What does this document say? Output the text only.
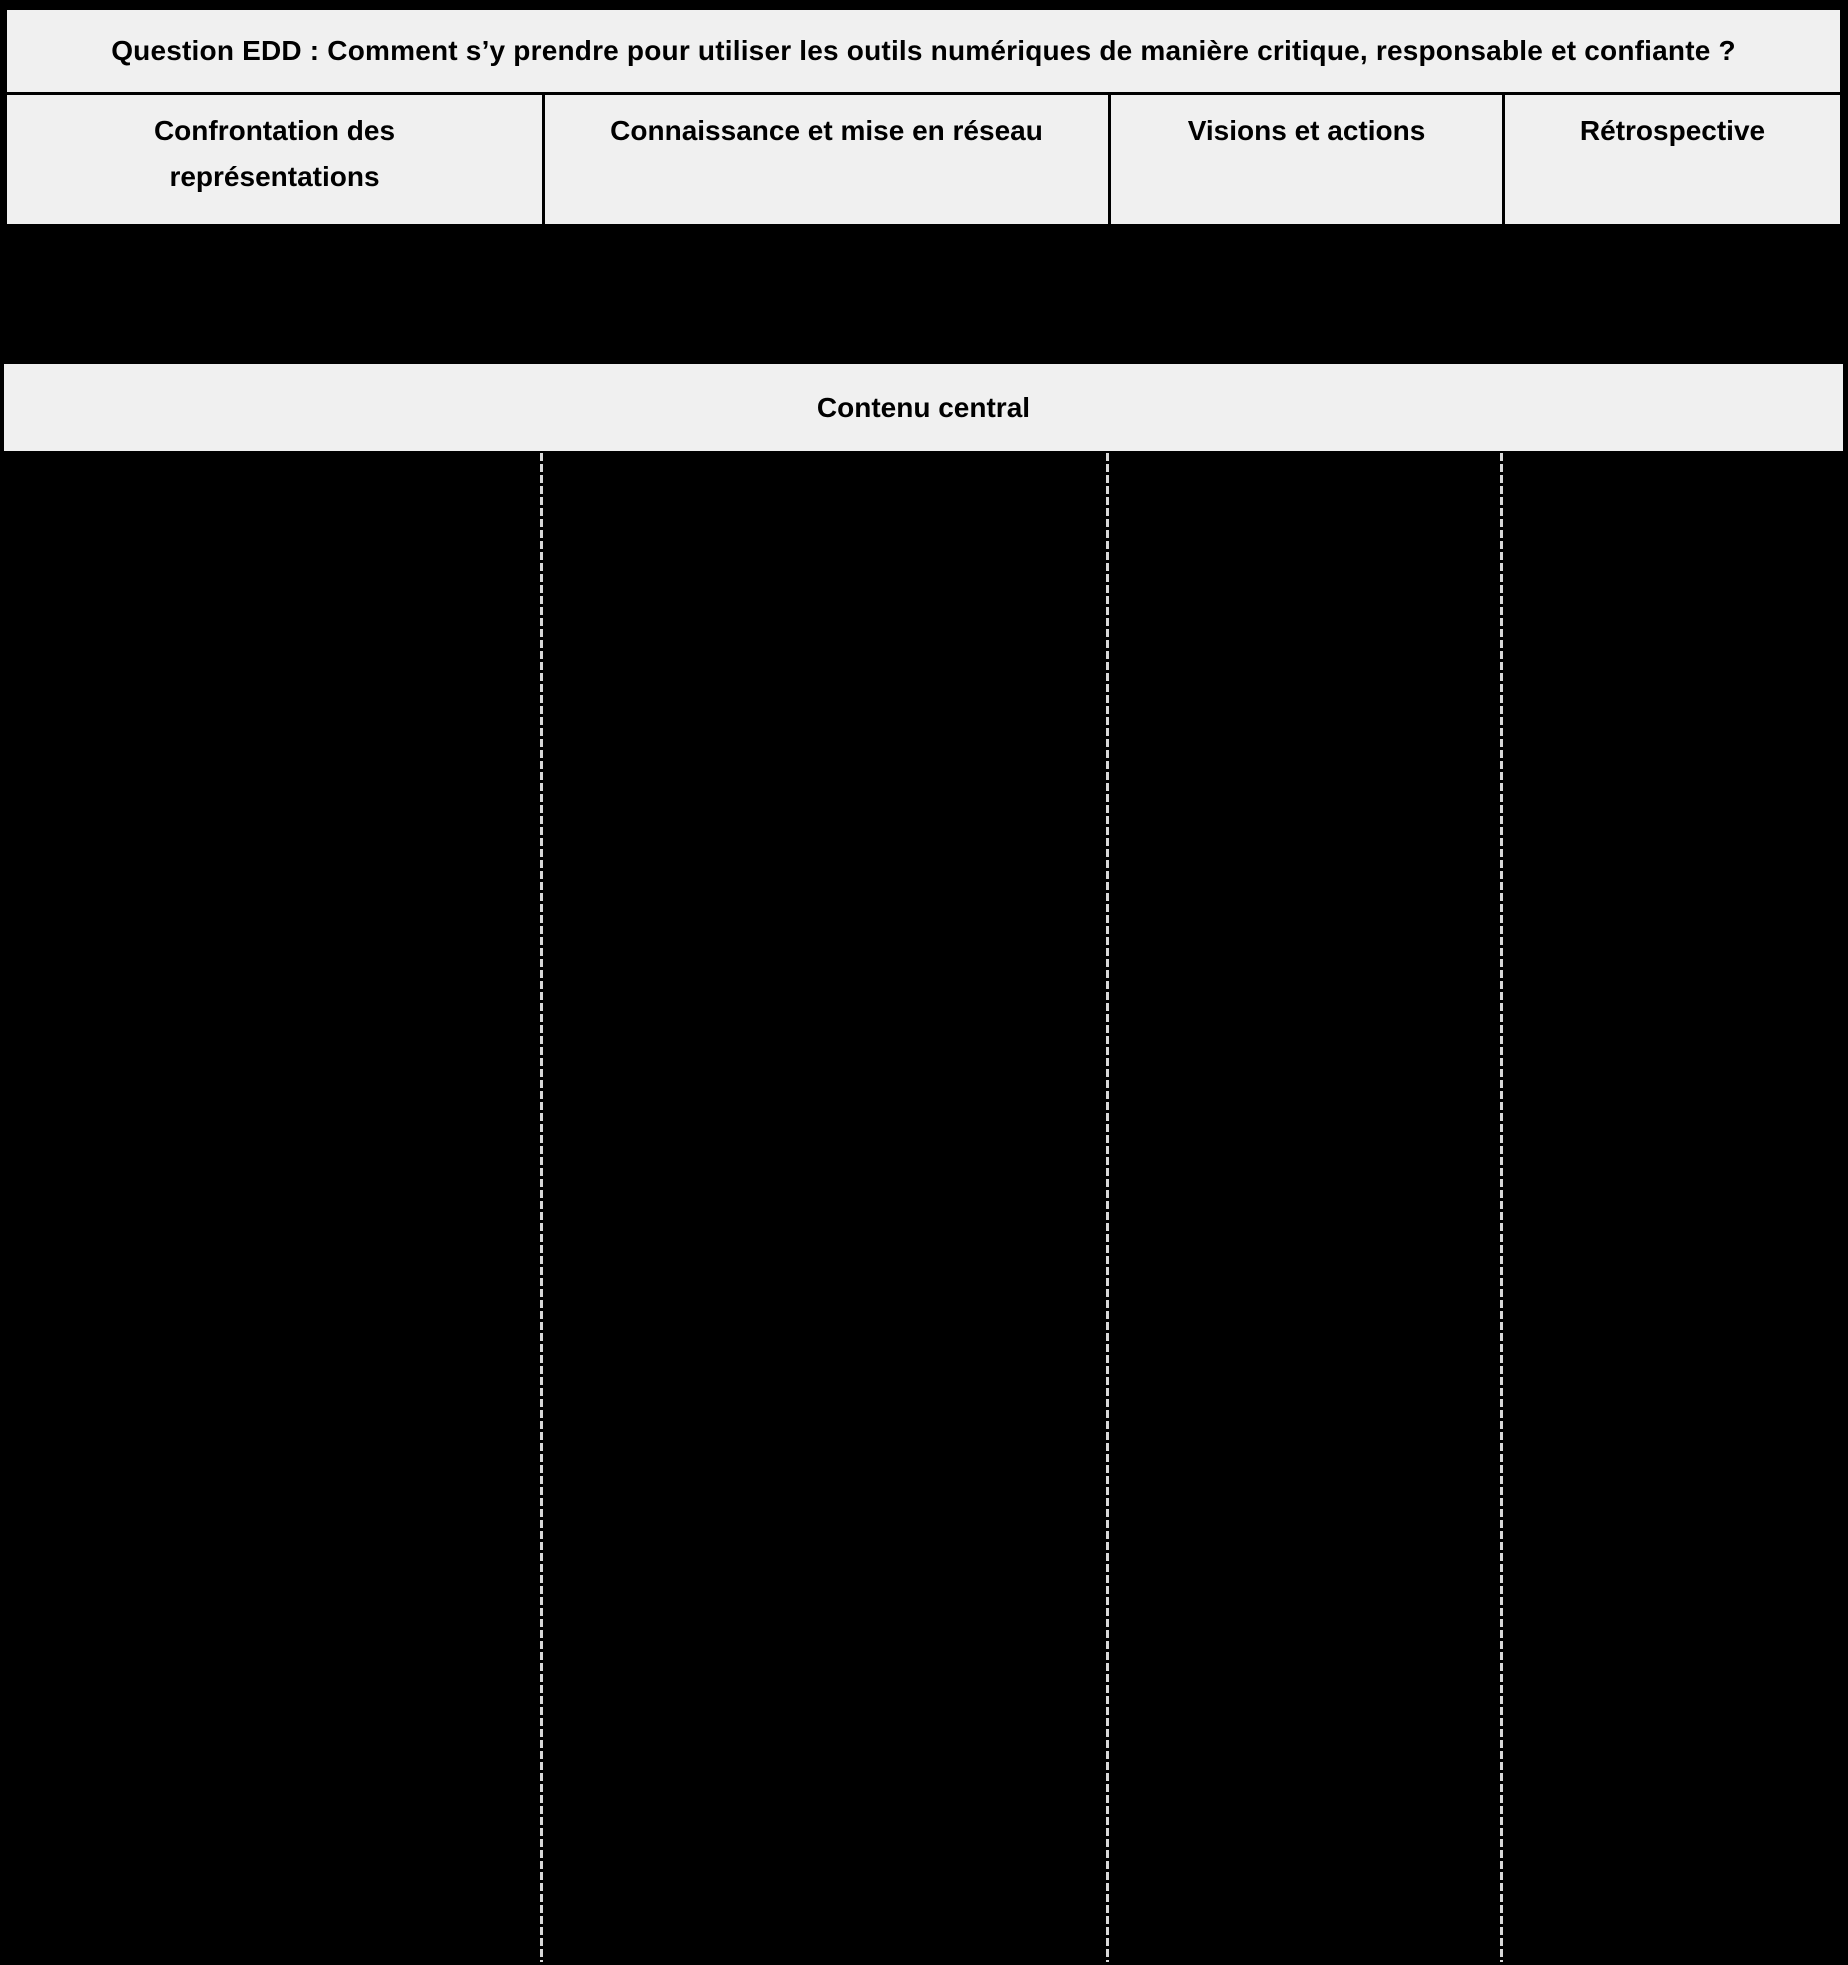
Question EDD : Comment s’y prendre pour utiliser les outils numériques de manière critique, responsable et confiante ?
Confrontation des représentations
Connaissance et mise en réseau	Visions et actions	Rétrospective
Contenu central
